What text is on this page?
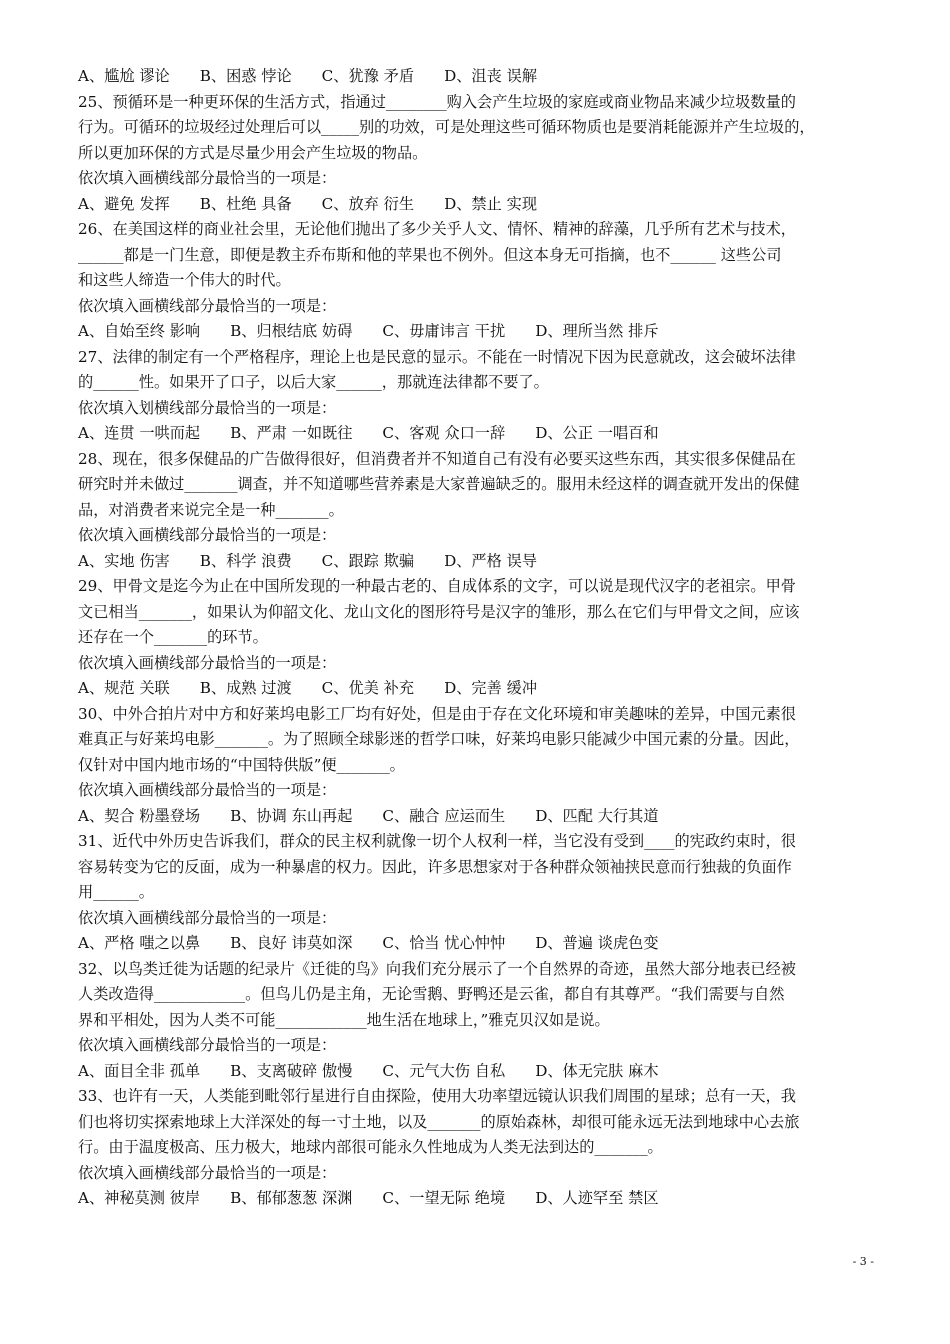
A、尴尬 谬论 B、困惑 悖论 C、犹豫 矛盾 D、沮丧 误解

25、预循环是一种更环保的生活方式，指通过________购入会产生垃圾的家庭或商业物品来减少垃圾数量的

行为。可循环的垃圾经过处理后可以_____别的功效，可是处理这些可循环物质也是要消耗能源并产生垃圾的，

所以更加环保的方式是尽量少用会产生垃圾的物品。

依次填入画横线部分最恰当的一项是：

A、避免 发挥 B、杜绝 具备 C、放弃 衍生 D、禁止 实现

26、在美国这样的商业社会里，无论他们抛出了多少关乎人文、情怀、精神的辞藻，几乎所有艺术与技术，

______都是一门生意，即便是教主乔布斯和他的苹果也不例外。但这本身无可指摘，也不______ 这些公司

和这些人缔造一个伟大的时代。

依次填入画横线部分最恰当的一项是：

A、自始至终 影响 B、归根结底 妨碍 C、毋庸讳言 干扰 D、理所当然 排斥

27、法律的制定有一个严格程序，理论上也是民意的显示。不能在一时情况下因为民意就改，这会破坏法律

的______性。如果开了口子，以后大家______，那就连法律都不要了。

依次填入划横线部分最恰当的一项是：

A、连贯 一哄而起 B、严肃 一如既往 C、客观 众口一辞 D、公正 一唱百和

28、现在，很多保健品的广告做得很好，但消费者并不知道自己有没有必要买这些东西，其实很多保健品在

研究时并未做过_______调查，并不知道哪些营养素是大家普遍缺乏的。服用未经这样的调查就开发出的保健

品，对消费者来说完全是一种_______。

依次填入画横线部分最恰当的一项是：

A、实地 伤害 B、科学 浪费 C、跟踪 欺骗 D、严格 误导

29、甲骨文是迄今为止在中国所发现的一种最古老的、自成体系的文字，可以说是现代汉字的老祖宗。甲骨

文已相当_______，如果认为仰韶文化、龙山文化的图形符号是汉字的雏形，那么在它们与甲骨文之间，应该

还存在一个_______的环节。

依次填入画横线部分最恰当的一项是：

A、规范 关联 B、成熟 过渡 C、优美 补充 D、完善 缓冲

30、中外合拍片对中方和好莱坞电影工厂均有好处，但是由于存在文化环境和审美趣味的差异，中国元素很

难真正与好莱坞电影_______。为了照顾全球影迷的哲学口味，好莱坞电影只能减少中国元素的分量。因此，

仅针对中国内地市场的“中国特供版”便_______。

依次填入画横线部分最恰当的一项是：

A、契合 粉墨登场 B、协调 东山再起 C、融合 应运而生 D、匹配 大行其道

31、近代中外历史告诉我们，群众的民主权利就像一切个人权利一样，当它没有受到____的宪政约束时，很

容易转变为它的反面，成为一种暴虐的权力。因此，许多思想家对于各种群众领袖挟民意而行独裁的负面作

用______。

依次填入画横线部分最恰当的一项是：

A、严格 嗤之以鼻 B、良好 讳莫如深 C、恰当 忧心忡忡 D、普遍 谈虎色变

32、以鸟类迁徙为话题的纪录片《迁徙的鸟》向我们充分展示了一个自然界的奇迹，虽然大部分地表已经被

人类改造得____________。但鸟儿仍是主角，无论雪鹅、野鸭还是云雀，都自有其尊严。“我们需要与自然

界和平相处，因为人类不可能____________地生活在地球上，”雅克贝汉如是说。

依次填入画横线部分最恰当的一项是：

A、面目全非 孤单 B、支离破碎 傲慢 C、元气大伤 自私 D、体无完肤 麻木

33、也许有一天，人类能到毗邻行星进行自由探险，使用大功率望远镜认识我们周围的星球；总有一天，我

们也将切实探索地球上大洋深处的每一寸土地，以及_______的原始森林，却很可能永远无法到地球中心去旅

行。由于温度极高、压力极大，地球内部很可能永久性地成为人类无法到达的_______。

依次填入画横线部分最恰当的一项是：

A、神秘莫测 彼岸 B、郁郁葱葱 深渊 C、一望无际 绝境 D、人迹罕至 禁区
- 3 -
